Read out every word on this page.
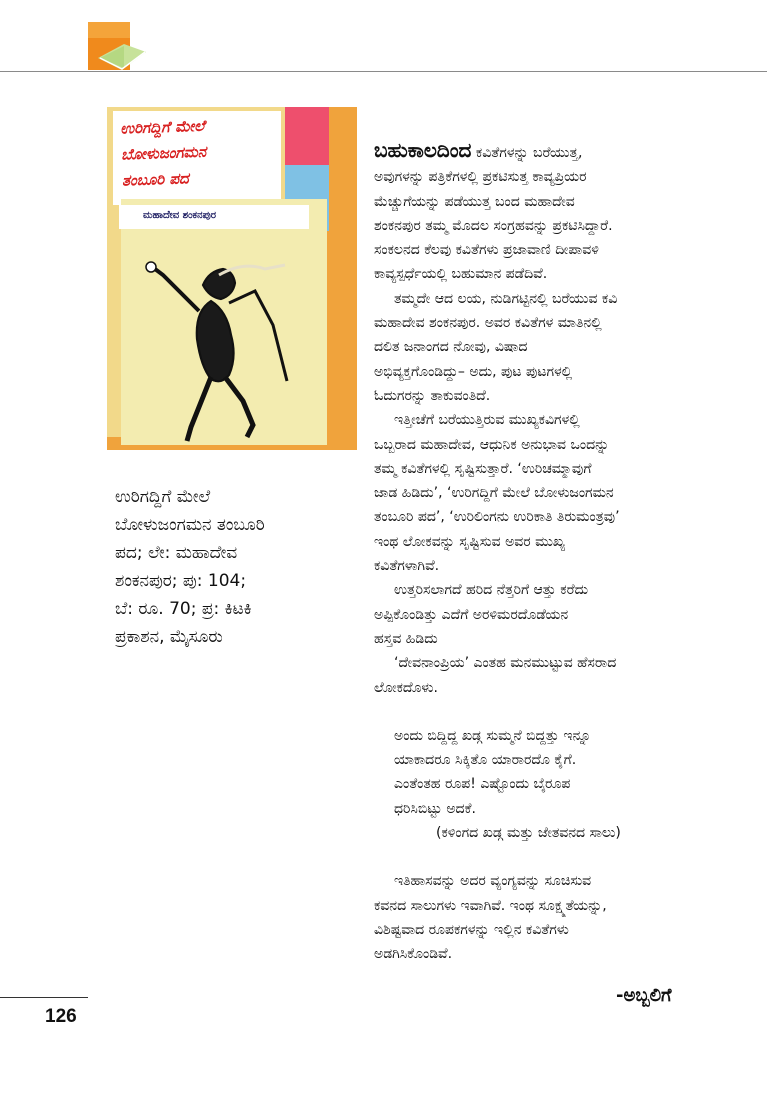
ಉರಿಗದ್ದಿಗೆ ಮೇಲೆ
ಬೋಳುಜಂಗಮನ
ತಂಬೂರಿ ಪದ
ಮಹಾದೇವ ಶಂಕನಪುರ
ಉರಿಗದ್ದಿಗೆ ಮೇಲೆ
ಬೋಳುಜಂಗಮನ ತಂಬೂರಿ
ಪದ; ಲೇ: ಮಹಾದೇವ
ಶಂಕನಪುರ; ಪು: 104;
ಬೆ: ರೂ. 70; ಪ್ರ: ಕಿಟಕಿ
ಪ್ರಕಾಶನ, ಮೈಸೂರು
ಬಹುಕಾಲದಿಂದ ಕವಿತೆಗಳನ್ನು ಬರೆಯುತ್ತ,
ಅವುಗಳನ್ನು ಪತ್ರಿಕೆಗಳಲ್ಲಿ ಪ್ರಕಟಿಸುತ್ತ ಕಾವ್ಯಪ್ರಿಯರ
ಮೆಚ್ಚುಗೆಯನ್ನು ಪಡೆಯುತ್ತ ಬಂದ ಮಹಾದೇವ
ಶಂಕನಪುರ ತಮ್ಮ ಮೊದಲ ಸಂಗ್ರಹವನ್ನು ಪ್ರಕಟಿಸಿದ್ದಾರೆ.
ಸಂಕಲನದ ಕೆಲವು ಕವಿತೆಗಳು ಪ್ರಜಾವಾಣಿ ದೀಪಾವಳಿ
ಕಾವ್ಯಸ್ಪರ್ಧೆಯಲ್ಲಿ ಬಹುಮಾನ ಪಡೆದಿವೆ.
ತಮ್ಮದೇ ಆದ ಲಯ, ನುಡಿಗಟ್ಟಿನಲ್ಲಿ ಬರೆಯುವ ಕವಿ
ಮಹಾದೇವ ಶಂಕನಪುರ. ಅವರ ಕವಿತೆಗಳ ಮಾತಿನಲ್ಲಿ
ದಲಿತ ಜನಾಂಗದ ನೋವು, ವಿಷಾದ
ಅಭಿವ್ಯಕ್ತಗೊಂಡಿದ್ದು– ಅದು, ಪುಟ ಪುಟಗಳಲ್ಲಿ
ಓದುಗರನ್ನು ತಾಕುವಂತಿದೆ.
ಇತ್ತೀಚೆಗೆ ಬರೆಯುತ್ತಿರುವ ಮುಖ್ಯಕವಿಗಳಲ್ಲಿ
ಒಬ್ಬರಾದ ಮಹಾದೇವ, ಆಧುನಿಕ ಅನುಭಾವ ಒಂದನ್ನು
ತಮ್ಮ ಕವಿತೆಗಳಲ್ಲಿ ಸೃಷ್ಟಿಸುತ್ತಾರೆ. ‘ಉರಿಚಮ್ಮಾವುಗೆ
ಜಾಡ ಹಿಡಿದು’, ‘ಉರಿಗದ್ದಿಗೆ ಮೇಲೆ ಬೋಳುಜಂಗಮನ
ತಂಬೂರಿ ಪದ’, ‘ಉರಿಲಿಂಗನು ಉರಿಕಾತಿ ತಿರುಮಂತ್ರವು’
ಇಂಥ ಲೋಕವನ್ನು ಸೃಷ್ಟಿಸುವ ಅವರ ಮುಖ್ಯ
ಕವಿತೆಗಳಾಗಿವೆ.
ಉತ್ತರಿಸಲಾಗದೆ ಹರಿದ ನೆತ್ತರಿಗೆ ಆತ್ತು ಕರೆದು
ಅಪ್ಪಿಕೊಂಡಿತ್ತು ಎದೆಗೆ ಅರಳಿಮರದೊಡೆಯನ
ಹಸ್ತವ ಹಿಡಿದು
‘ದೇವನಾಂಪ್ರಿಯ’ ಎಂತಹ ಮನಮುಟ್ಟುವ ಹೆಸರಾದ
ಲೋಕದೊಳು.
ಅಂದು ಬಿದ್ದಿದ್ದ ಖಡ್ಗ ಸುಮ್ಮನೆ ಬಿದ್ದತ್ತು ಇನ್ನೂ
ಯಾಕಾದರೂ ಸಿಕ್ಕಿತೊ ಯಾರಾರದೊ ಕೈಗೆ.
ಎಂತೆಂತಹ ರೂಪ! ಎಷ್ಟೊಂದು ಬೈರೂಪ
ಧರಿಸಿಬಿಟ್ಟು ಅದಕೆ.
(ಕಳಿಂಗದ ಖಡ್ಗ ಮತ್ತು ಜೇತವನದ ಸಾಲು)
ಇತಿಹಾಸವನ್ನು ಅದರ ವ್ಯಂಗ್ಯವನ್ನು ಸೂಚಿಸುವ
ಕವನದ ಸಾಲುಗಳು ಇವಾಗಿವೆ. ಇಂಥ ಸೂಕ್ಷ್ಮತೆಯನ್ನು,
ವಿಶಿಷ್ಟವಾದ ರೂಪಕಗಳನ್ನು ಇಲ್ಲಿನ ಕವಿತೆಗಳು
ಅಡಗಿಸಿಕೊಂಡಿವೆ.
-ಅಬ್ಬಲಿಗೆ
126
